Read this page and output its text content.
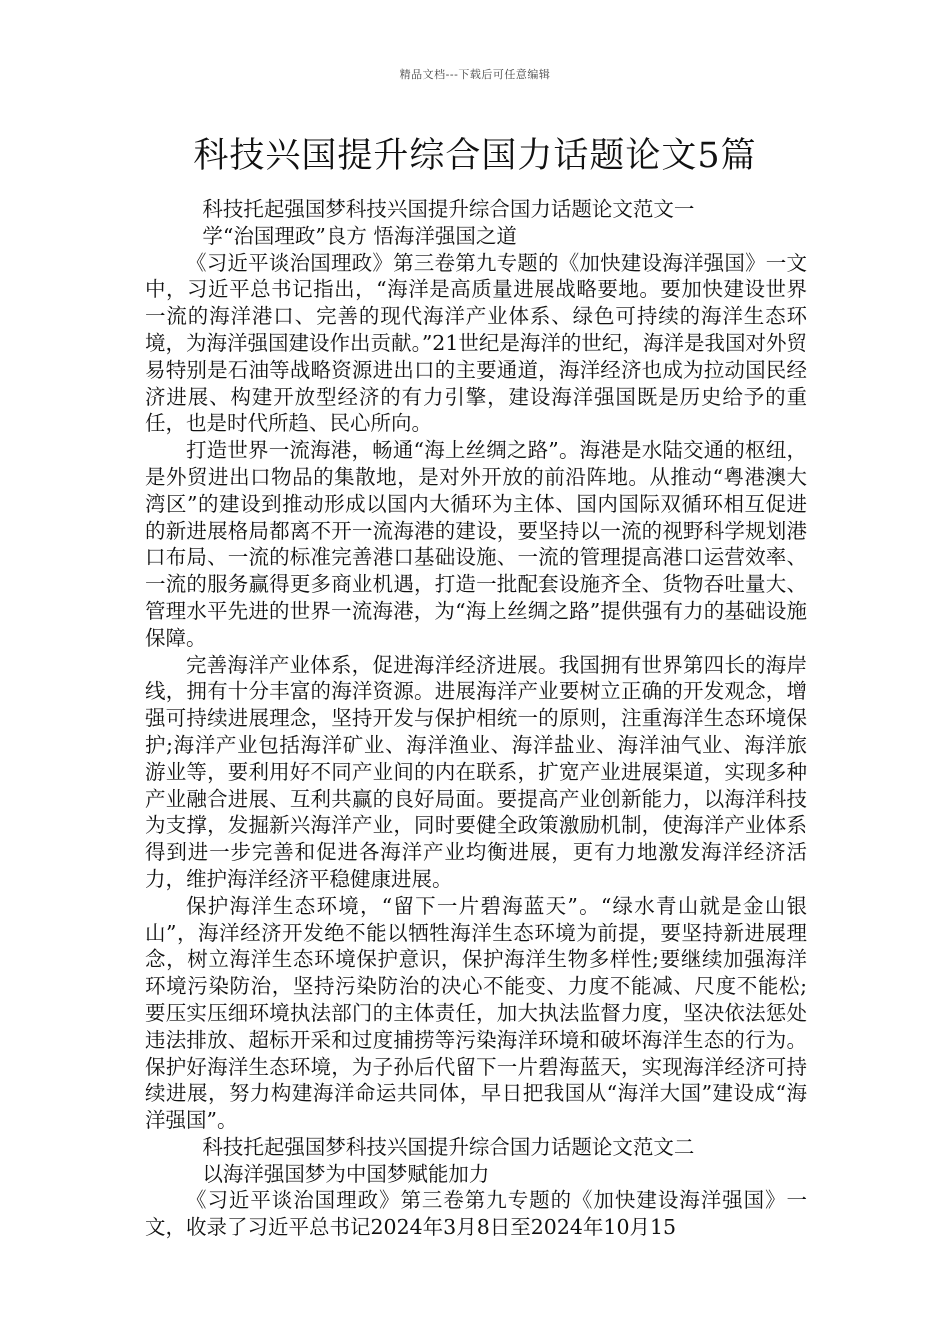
精品文档---下载后可任意编辑
科技兴国提升综合国力话题论文5篇

科技托起强国梦科技兴国提升综合国力话题论文范文一

学“治国理政”良方 悟海洋强国之道

《习近平谈治国理政》第三卷第九专题的《加快建设海洋强国》一文中，习近平总书记指出，“海洋是高质量进展战略要地。要加快建设世界一流的海洋港口、完善的现代海洋产业体系、绿色可持续的海洋生态环境，为海洋强国建设作出贡献。”21世纪是海洋的世纪，海洋是我国对外贸易特别是石油等战略资源进出口的主要通道，海洋经济也成为拉动国民经济进展、构建开放型经济的有力引擎，建设海洋强国既是历史给予的重任，也是时代所趋、民心所向。

打造世界一流海港，畅通“海上丝绸之路”。海港是水陆交通的枢纽，是外贸进出口物品的集散地，是对外开放的前沿阵地。从推动“粤港澳大湾区”的建设到推动形成以国内大循环为主体、国内国际双循环相互促进的新进展格局都离不开一流海港的建设，要坚持以一流的视野科学规划港口布局、一流的标准完善港口基础设施、一流的管理提高港口运营效率、一流的服务赢得更多商业机遇，打造一批配套设施齐全、货物吞吐量大、管理水平先进的世界一流海港，为“海上丝绸之路”提供强有力的基础设施保障。

完善海洋产业体系，促进海洋经济进展。我国拥有世界第四长的海岸线，拥有十分丰富的海洋资源。进展海洋产业要树立正确的开发观念，增强可持续进展理念，坚持开发与保护相统一的原则，注重海洋生态环境保护;海洋产业包括海洋矿业、海洋渔业、海洋盐业、海洋油气业、海洋旅游业等，要利用好不同产业间的内在联系，扩宽产业进展渠道，实现多种产业融合进展、互利共赢的良好局面。要提高产业创新能力，以海洋科技为支撑，发掘新兴海洋产业，同时要健全政策激励机制，使海洋产业体系得到进一步完善和促进各海洋产业均衡进展，更有力地激发海洋经济活力，维护海洋经济平稳健康进展。

保护海洋生态环境，“留下一片碧海蓝天”。“绿水青山就是金山银山”，海洋经济开发绝不能以牺牲海洋生态环境为前提，要坚持新进展理念，树立海洋生态环境保护意识，保护海洋生物多样性;要继续加强海洋环境污染防治，坚持污染防治的决心不能变、力度不能减、尺度不能松;要压实压细环境执法部门的主体责任，加大执法监督力度，坚决依法惩处违法排放、超标开采和过度捕捞等污染海洋环境和破坏海洋生态的行为。保护好海洋生态环境，为子孙后代留下一片碧海蓝天，实现海洋经济可持续进展，努力构建海洋命运共同体，早日把我国从“海洋大国”建设成“海洋强国”。

科技托起强国梦科技兴国提升综合国力话题论文范文二

以海洋强国梦为中国梦赋能加力

《习近平谈治国理政》第三卷第九专题的《加快建设海洋强国》一文，收录了习近平总书记2024年3月8日至2024年10月15
